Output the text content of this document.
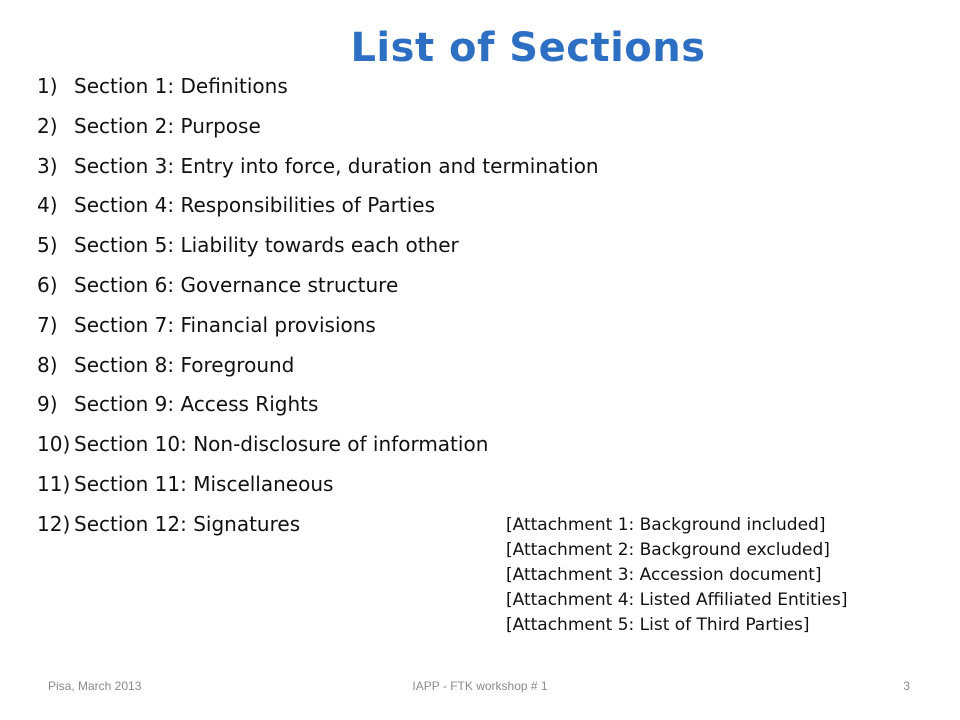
List of Sections
1) Section 1: Definitions
2) Section 2: Purpose
3) Section 3: Entry into force, duration and termination
4) Section 4: Responsibilities of Parties
5) Section 5: Liability towards each other
6) Section 6: Governance structure
7) Section 7: Financial provisions
8) Section 8: Foreground
9) Section 9: Access Rights
10) Section 10: Non-disclosure of information
11) Section 11: Miscellaneous
12) Section 12: Signatures	[Attachment 1: Background included]
[Attachment 2: Background excluded]
[Attachment 3: Accession document]
[Attachment 4: Listed Affiliated Entities]
[Attachment 5: List of Third Parties]
Pisa, March 2013	IAPP - FTK workshop # 1	3
